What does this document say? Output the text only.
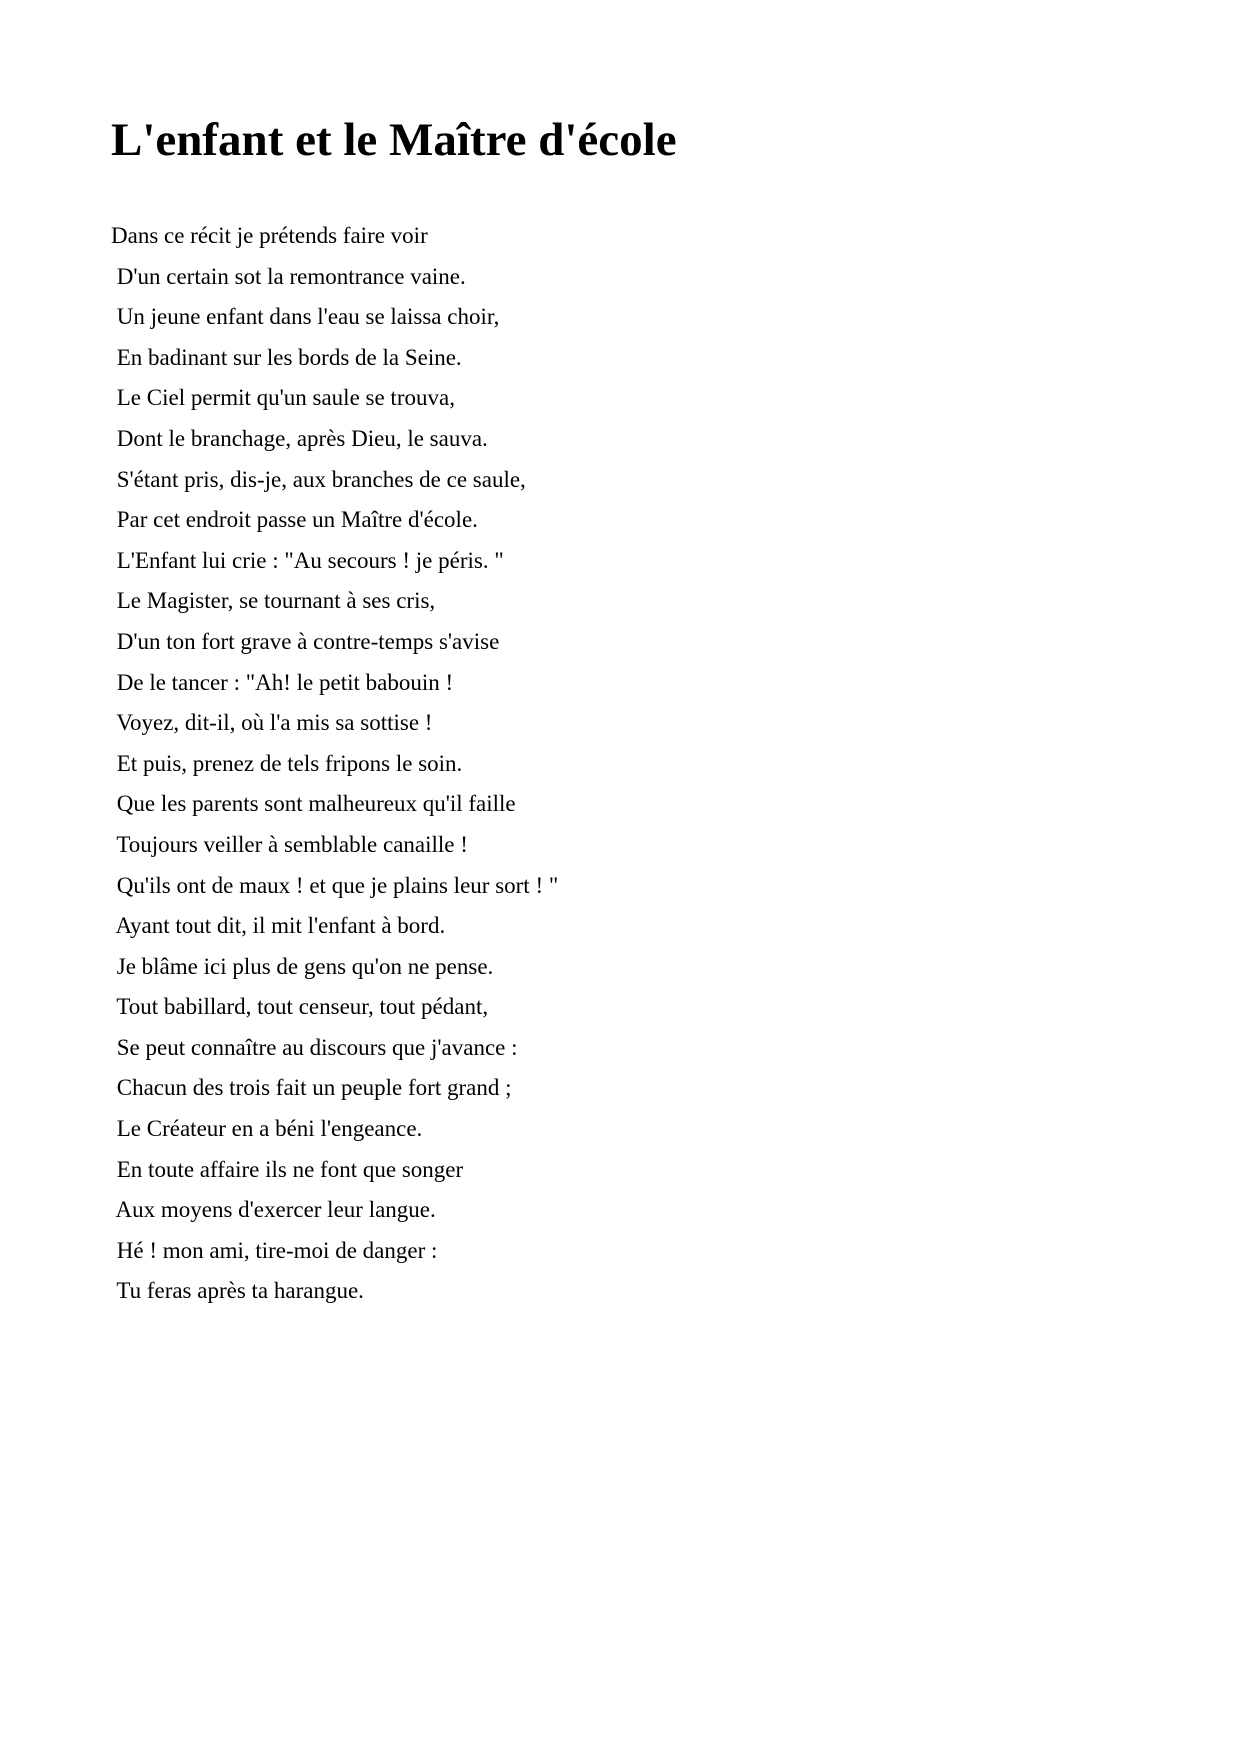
L'enfant et le Maître d'école
Dans ce récit je prétends faire voir
D'un certain sot la remontrance vaine.
Un jeune enfant dans l'eau se laissa choir,
En badinant sur les bords de la Seine.
Le Ciel permit qu'un saule se trouva,
Dont le branchage, après Dieu, le sauva.
S'étant pris, dis-je, aux branches de ce saule,
Par cet endroit passe un Maître d'école.
L'Enfant lui crie : "Au secours ! je péris. "
Le Magister, se tournant à ses cris,
D'un ton fort grave à contre-temps s'avise
De le tancer : "Ah! le petit babouin !
Voyez, dit-il, où l'a mis sa sottise !
Et puis, prenez de tels fripons le soin.
Que les parents sont malheureux qu'il faille
Toujours veiller à semblable canaille !
Qu'ils ont de maux ! et que je plains leur sort ! "
Ayant tout dit, il mit l'enfant à bord.
Je blâme ici plus de gens qu'on ne pense.
Tout babillard, tout censeur, tout pédant,
Se peut connaître au discours que j'avance :
Chacun des trois fait un peuple fort grand ;
Le Créateur en a béni l'engeance.
En toute affaire ils ne font que songer
Aux moyens d'exercer leur langue.
Hé ! mon ami, tire-moi de danger :
Tu feras après ta harangue.
